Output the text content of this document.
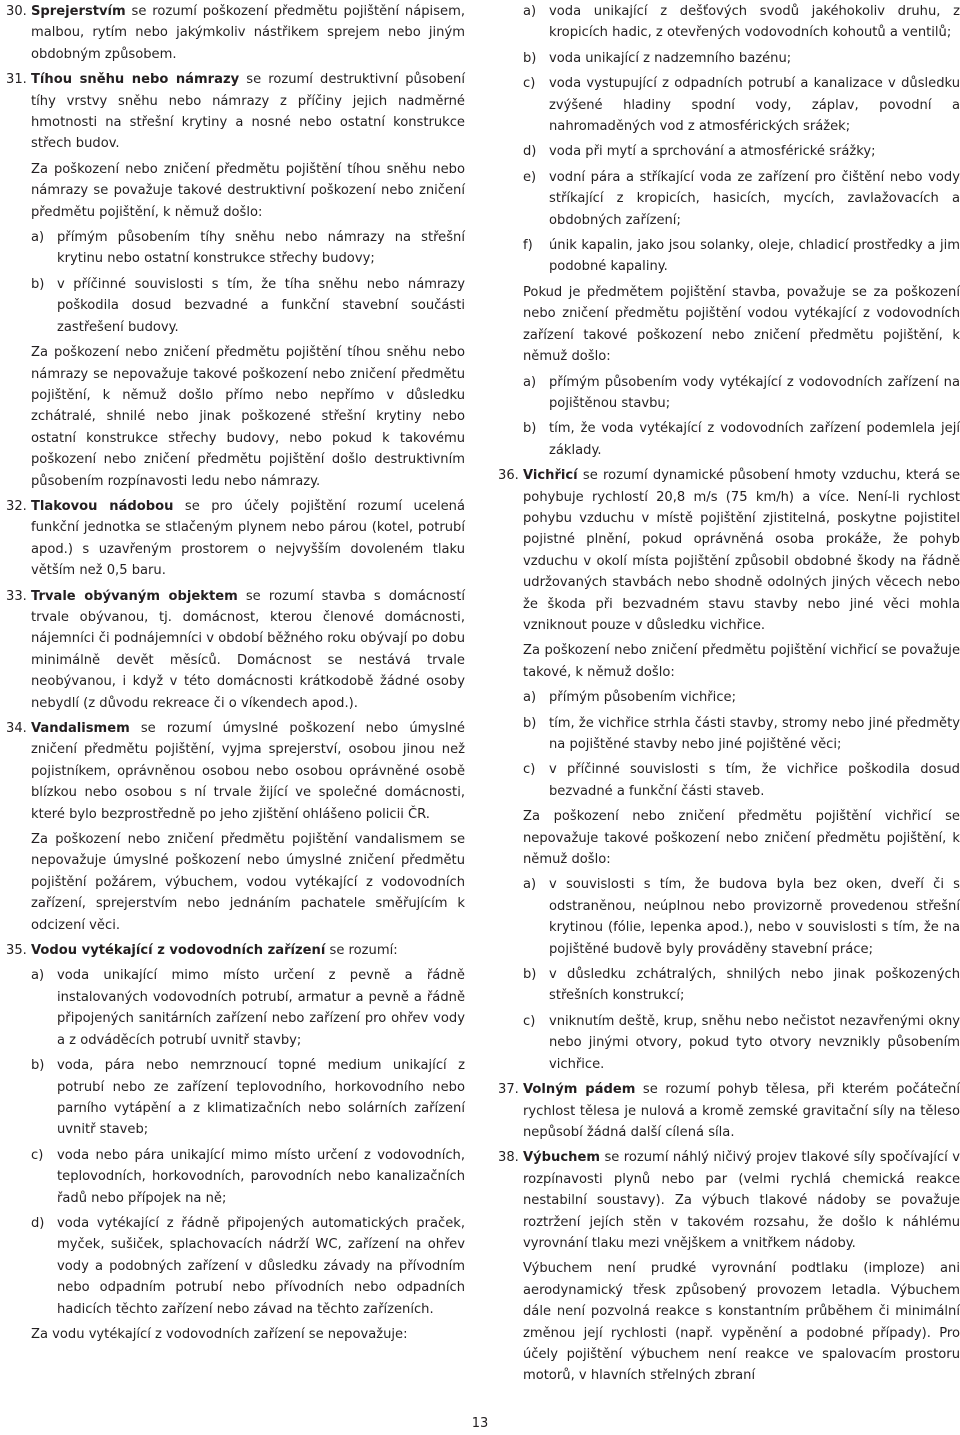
30. Sprejerstvím se rozumí poškození předmětu pojištění nápisem, malbou, rytím nebo jakýmkoliv nástřikem sprejem nebo jiným obdobným způsobem.
31. Tíhou sněhu nebo námrazy se rozumí destruktivní působení tíhy vrstvy sněhu nebo námrazy z příčiny jejich nadměrné hmotnosti na střešní krytiny a nosné nebo ostatní konstrukce střech budov.

Za poškození nebo zničení předmětu pojištění tíhou sněhu nebo námrazy se považuje takové destruktivní poškození nebo zničení předmětu pojištění, k němuž došlo:

a) přímým působením tíhy sněhu nebo námrazy na střešní krytinu nebo ostatní konstrukce střechy budovy;
b) v příčinné souvislosti s tím, že tíha sněhu nebo námrazy poškodila dosud bezvadné a funkční stavební součásti zastřešení budovy.

Za poškození nebo zničení předmětu pojištění tíhou sněhu nebo námrazy se nepovažuje takové poškození nebo zničení předmětu pojištění, k němuž došlo přímo nebo nepřímo v důsledku zchátralé, shnilé nebo jinak poškozené střešní krytiny nebo ostatní konstrukce střechy budovy, nebo pokud k takovému poškození nebo zničení předmětu pojištění došlo destruktivním působením rozpínavosti ledu nebo námrazy.

32. Tlakovou nádobou se pro účely pojištění rozumí ucelená funkční jednotka se stlačeným plynem nebo párou (kotel, potrubí apod.) s uzavřeným prostorem o nejvyšším dovoleném tlaku větším než 0,5 baru.
33. Trvale obývaným objektem se rozumí stavba s domácností trvale obývanou, tj. domácnost, kterou členové domácnosti, nájemníci či podnájemníci v období běžného roku obývají po dobu minimálně devět měsíců. Domácnost se nestává trvale neobývanou, i když v této domácnosti krátkodobě žádné osoby nebydlí (z důvodu rekreace či o víkendech apod.).
34. Vandalismem se rozumí úmyslné poškození nebo úmyslné zničení předmětu pojištění, vyjma sprejerství, osobou jinou než pojistníkem, oprávněnou osobou nebo osobou oprávněné osobě blízkou nebo osobou s ní trvale žijící ve společné domácnosti, které bylo bezprostředně po jeho zjištění ohlášeno policii ČR.

Za poškození nebo zničení předmětu pojištění vandalismem se nepovažuje úmyslné poškození nebo úmyslné zničení předmětu pojištění požárem, výbuchem, vodou vytékající z vodovodních zařízení, sprejerstvím nebo jednáním pachatele směřujícím k odcizení věci.

35. Vodou vytékající z vodovodních zařízení se rozumí:
a) voda unikající mimo místo určení z pevně a řádně instalovaných vodovodních potrubí, armatur a pevně a řádně připojených sanitárních zařízení nebo zařízení pro ohřev vody a z odváděcích potrubí uvnitř stavby;
b) voda, pára nebo nemrznoucí topné medium unikající z potrubí nebo ze zařízení teplovodního, horkovodního nebo parního vytápění a z klimatizačních nebo solárních zařízení uvnitř staveb;
c) voda nebo pára unikající mimo místo určení z vodovodních, teplovodních, horkovodních, parovodních nebo kanalizačních řadů nebo přípojek na ně;
d) voda vytékající z řádně připojených automatických praček, myček, sušiček, splachovacích nádrží WC, zařízení na ohřev vody a podobných zařízení v důsledku závady na přívodním nebo odpadním potrubí nebo přívodních nebo odpadních hadicích těchto zařízení nebo závad na těchto zařízeních.

Za vodu vytékající z vodovodních zařízení se nepovažuje:

a) voda unikající z dešťových svodů jakéhokoliv druhu, z kropicích hadic, z otevřených vodovodních kohoutů a ventilů;
b) voda unikající z nadzemního bazénu;
c) voda vystupující z odpadních potrubí a kanalizace v důsledku zvýšené hladiny spodní vody, záplav, povodní a nahromaděných vod z atmosférických srážek;
d) voda při mytí a sprchování a atmosférické srážky;
e) vodní pára a stříkající voda ze zařízení pro čištění nebo vody stříkající z kropicích, hasicích, mycích, zavlažovacích a obdobných zařízení;
f) únik kapalin, jako jsou solanky, oleje, chladicí prostředky a jim podobné kapaliny.

Pokud je předmětem pojištění stavba, považuje se za poškození nebo zničení předmětu pojištění vodou vytékající z vodovodních zařízení takové poškození nebo zničení předmětu pojištění, k němuž došlo:

a) přímým působením vody vytékající z vodovodních zařízení na pojištěnou stavbu;
b) tím, že voda vytékající z vodovodních zařízení podemlela její základy.
36. Vichřicí se rozumí dynamické působení hmoty vzduchu, která se pohybuje rychlostí 20,8 m/s (75 km/h) a více. Není-li rychlost pohybu vzduchu v místě pojištění zjistitelná, poskytne pojistitel pojistné plnění, pokud oprávněná osoba prokáže, že pohyb vzduchu v okolí místa pojištění způsobil obdobné škody na řádně udržovaných stavbách nebo shodně odolných jiných věcech nebo že škoda při bezvadném stavu stavby nebo jiné věci mohla vzniknout pouze v důsledku vichřice.

Za poškození nebo zničení předmětu pojištění vichřicí se považuje takové, k němuž došlo:

a) přímým působením vichřice;
b) tím, že vichřice strhla části stavby, stromy nebo jiné předměty na pojištěné stavby nebo jiné pojištěné věci;
c) v příčinné souvislosti s tím, že vichřice poškodila dosud bezvadné a funkční části staveb.

Za poškození nebo zničení předmětu pojištění vichřicí se nepovažuje takové poškození nebo zničení předmětu pojištění, k němuž došlo:

a) v souvislosti s tím, že budova byla bez oken, dveří či s odstraněnou, neúplnou nebo provizorně provedenou střešní krytinou (fólie, lepenka apod.), nebo v souvislosti s tím, že na pojištěné budově byly prováděny stavební práce;
b) v důsledku zchátralých, shnilých nebo jinak poškozených střešních konstrukcí;
c) vniknutím deště, krup, sněhu nebo nečistot nezavřenými okny nebo jinými otvory, pokud tyto otvory nevznikly působením vichřice.
37. Volným pádem se rozumí pohyb tělesa, při kterém počáteční rychlost tělesa je nulová a kromě zemské gravitační síly na těleso nepůsobí žádná další cílená síla.
38. Výbuchem se rozumí náhlý ničivý projev tlakové síly spočívající v rozpínavosti plynů nebo par (velmi rychlá chemická reakce nestabilní soustavy). Za výbuch tlakové nádoby se považuje roztržení jejích stěn v takovém rozsahu, že došlo k náhlému vyrovnání tlaku mezi vnějškem a vnitřkem nádoby.

Výbuchem není prudké vyrovnání podtlaku (imploze) ani aerodynamický třesk způsobený provozem letadla. Výbuchem dále není pozvolná reakce s konstantním průběhem či minimální změnou její rychlosti (např. vypěnění a podobné případy). Pro účely pojištění výbuchem není reakce ve spalovacím prostoru motorů, v hlavních střelných zbraní

13
